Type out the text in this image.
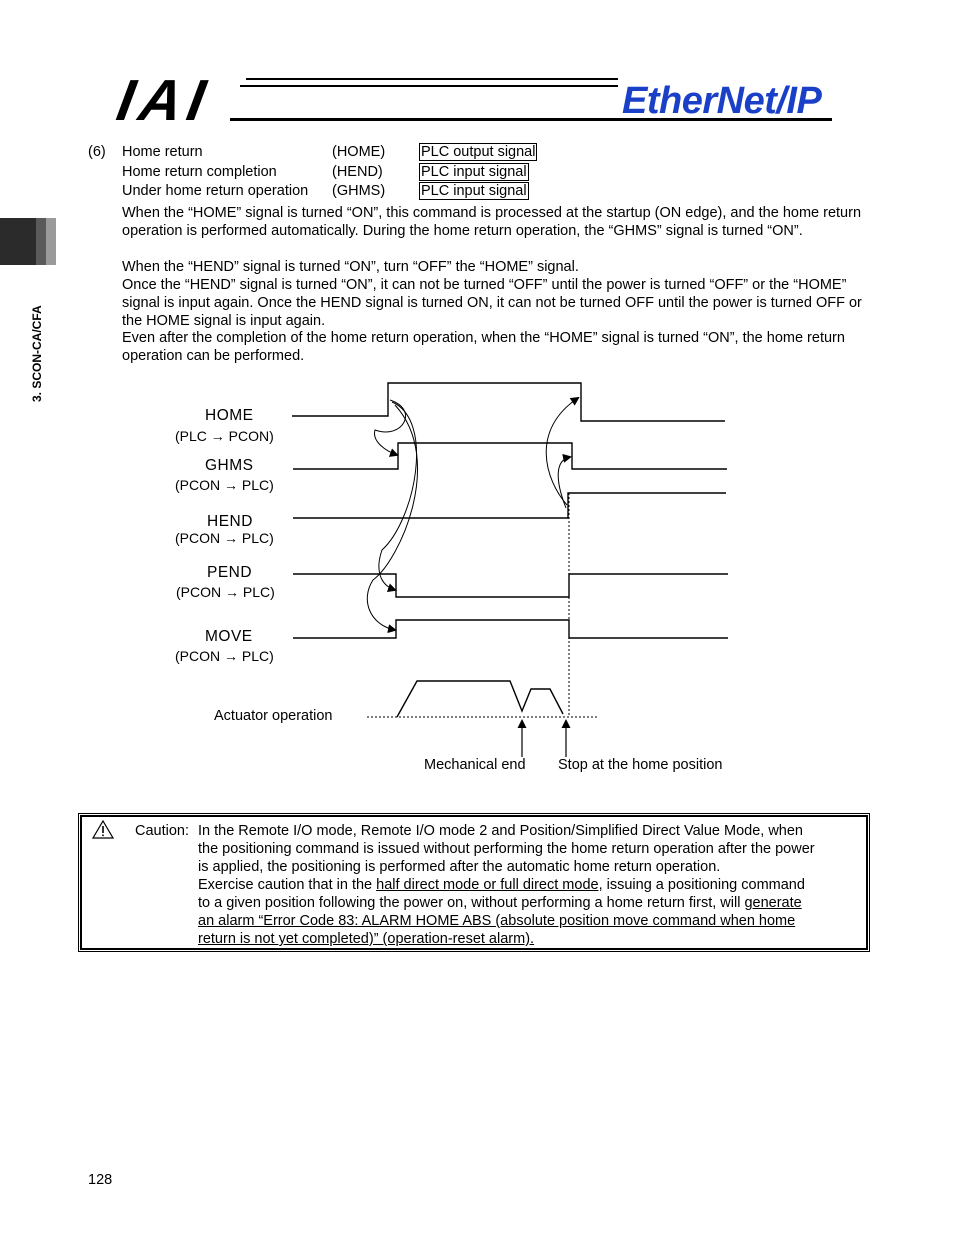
IAI	EtherNet/IP
3. SCON-CA/CFA
(6) Home return	(HOME) PLC output signal
Home return completion	(HEND)	PLC input signal
Under home return operation (GHMS) PLC input signal
When the “HOME” signal is turned “ON”, this command is processed at the startup (ON edge), and the home return operation is performed automatically. During the home return operation, the “GHMS” signal is turned “ON”.
When the “HEND” signal is turned “ON”, turn “OFF” the “HOME” signal.
Once the “HEND” signal is turned “ON”, it can not be turned “OFF” until the power is turned “OFF” or the “HOME” signal is input again. Once the HEND signal is turned ON, it can not be turned OFF until the power is turned OFF or the HOME signal is input again.
Even after the completion of the home return operation, when the “HOME” signal is turned “ON”, the home return operation can be performed.
HOME
(PLC → PCON)
GHMS
(PCON → PLC)
HEND
(PCON → PLC)
PEND
(PCON → PLC)
MOVE
(PCON → PLC)
Actuator operation
Mechanical end Stop at the home position
Caution: In the Remote I/O mode, Remote I/O mode 2 and Position/Simplified Direct Value Mode, when
the positioning command is issued without performing the home return operation after the power
is applied, the positioning is performed after the automatic home return operation.
Exercise caution that in the half direct mode or full direct mode, issuing a positioning command
to a given position following the power on, without performing a home return first, will generate
an alarm “Error Code 83: ALARM HOME ABS (absolute position move command when home
return is not yet completed)” (operation-reset alarm).
128
